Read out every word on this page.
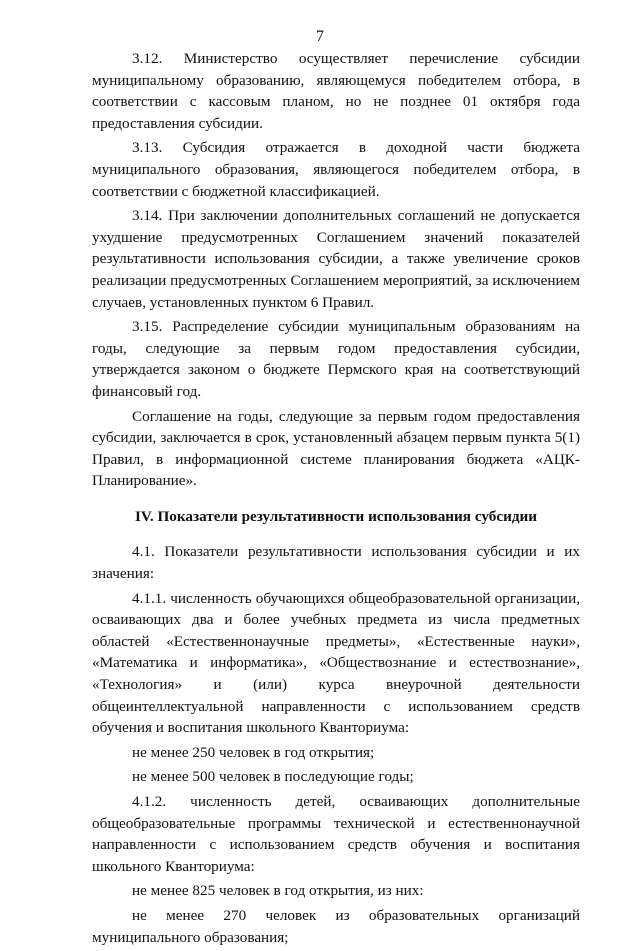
7

3.12. Министерство осуществляет перечисление субсидии муниципальному образованию, являющемуся победителем отбора, в соответствии с кассовым планом, но не позднее 01 октября года предоставления субсидии.

3.13. Субсидия отражается в доходной части бюджета муниципального образования, являющегося победителем отбора, в соответствии с бюджетной классификацией.

3.14. При заключении дополнительных соглашений не допускается ухудшение предусмотренных Соглашением значений показателей результативности использования субсидии, а также увеличение сроков реализации предусмотренных Соглашением мероприятий, за исключением случаев, установленных пунктом 6 Правил.

3.15. Распределение субсидии муниципальным образованиям на годы, следующие за первым годом предоставления субсидии, утверждается законом о бюджете Пермского края на соответствующий финансовый год.

Соглашение на годы, следующие за первым годом предоставления субсидии, заключается в срок, установленный абзацем первым пункта 5(1) Правил, в информационной системе планирования бюджета «АЦК-Планирование».

IV. Показатели результативности использования субсидии

4.1. Показатели результативности использования субсидии и их значения:

4.1.1. численность обучающихся общеобразовательной организации, осваивающих два и более учебных предмета из числа предметных областей «Естественнонаучные предметы», «Естественные науки», «Математика и информатика», «Обществознание и естествознание», «Технология» и (или) курса внеурочной деятельности общеинтеллектуальной направленности с использованием средств обучения и воспитания школьного Кванториума:

не менее 250 человек в год открытия;

не менее 500 человек в последующие годы;

4.1.2. численность детей, осваивающих дополнительные общеобразовательные программы технической и естественнонаучной направленности с использованием средств обучения и воспитания школьного Кванториума:

не менее 825 человек в год открытия, из них:

не менее 270 человек из образовательных организаций муниципального образования;
